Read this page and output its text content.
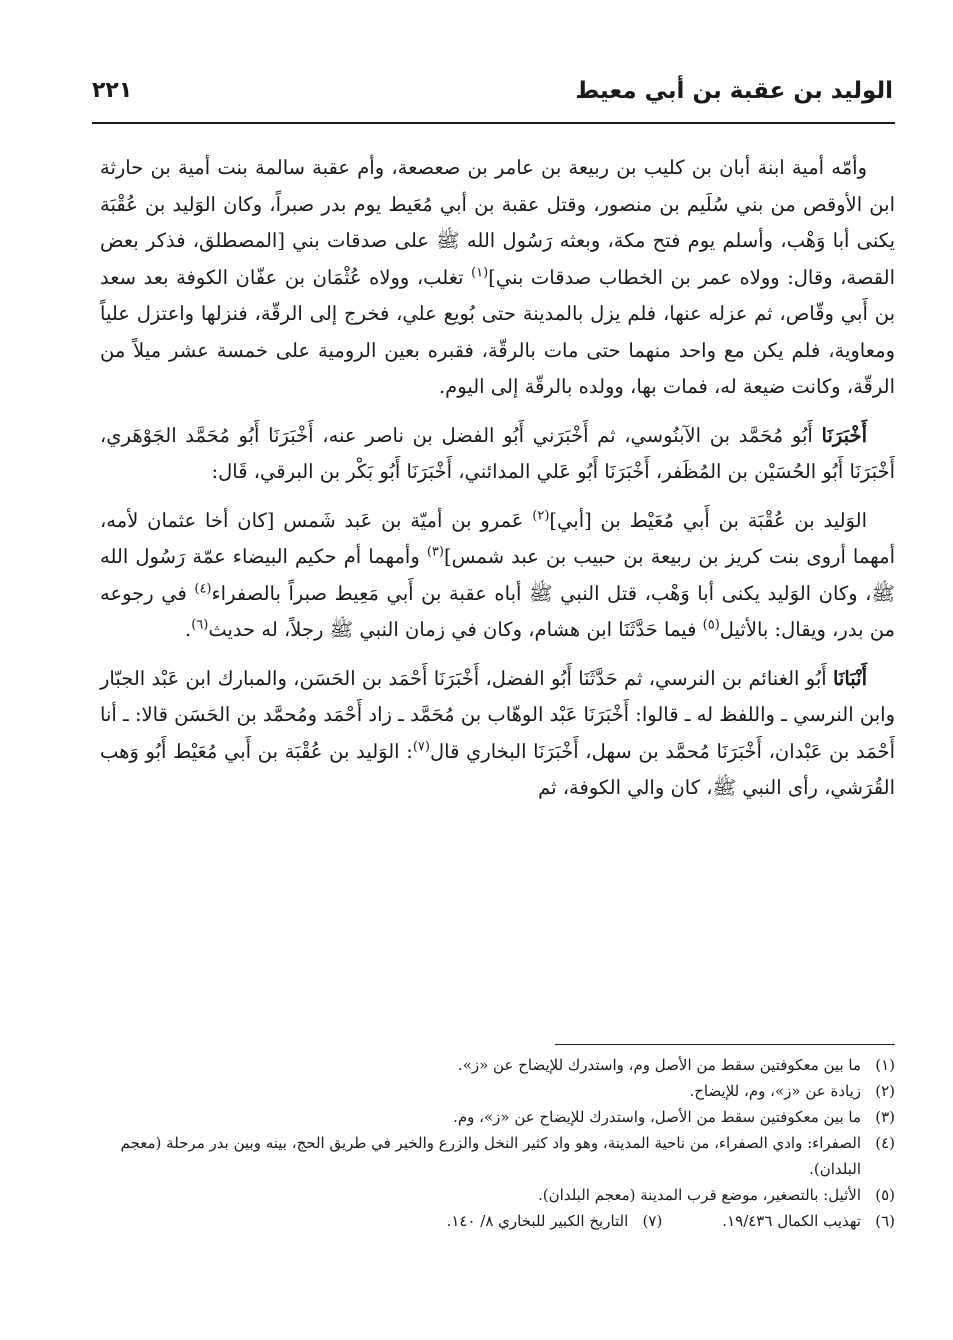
الوليد بن عقبة بن أبي معيط
٢٢١

وأمّه أمية ابنة أبان بن كليب بن ربيعة بن عامر بن صعصعة، وأم عقبة سالمة بنت أمية بن حارثة ابن الأوقص من بني سُلَيم بن منصور، وقتل عقبة بن أبي مُعَيط يوم بدر صبراً، وكان الوَليد بن عُقْبَة يكنى أبا وَهْب، وأسلم يوم فتح مكة، وبعثه رَسُول الله ﷺ على صدقات بني [المصطلق، فذكر بعض القصة، وقال: وولاه عمر بن الخطاب صدقات بني]$^{(١)}$ تغلب، وولاه عُثْمَان بن عفّان الكوفة بعد سعد بن أَبي وقّاص، ثم عزله عنها، فلم يزل بالمدينة حتى بُويع علي، فخرج إلى الرقّة، فنزلها واعتزل علياً ومعاوية، فلم يكن مع واحد منهما حتى مات بالرقّة، فقبره بعين الرومية على خمسة عشر ميلاً من الرقّة، وكانت ضيعة له، فمات بها، وولده بالرقّة إلى اليوم.

أَخْبَرَنَا أَبُو مُحَمَّد بن الآبنُوسي، ثم أَخْبَرَني أَبُو الفضل بن ناصر عنه، أَخْبَرَنَا أَبُو مُحَمَّد الجَوْهَري، أَخْبَرَنَا أَبُو الحُسَيْن بن المُظَفر، أَخْبَرَنَا أَبُو عَلي المدائني، أَخْبَرَنَا أَبُو بَكْر بن البرقي، قَال:

الوَليد بن عُقْبَة بن أَبي مُعَيْط بن [أبي]$^{(٢)}$ عَمرو بن أميّة بن عَبد شَمس [كان أخا عثمان لأمه، أمهما أروى بنت كريز بن ربيعة بن حبيب بن عبد شمس]$^{(٣)}$ وأمهما أم حكيم البيضاء عمّة رَسُول الله ﷺ، وكان الوَليد يكنى أبا وَهْب، قتل النبي ﷺ أباه عقبة بن أَبي مَعِيط صبراً بالصفراء$^{(٤)}$ في رجوعه من بدر، ويقال: بالأثيل$^{(٥)}$ فيما حَدَّثَنَا ابن هشام، وكان في زمان النبي ﷺ رجلاً، له حديث$^{(٦)}$.

أَنْبَانَا أَبُو الغنائم بن النرسي، ثم حَدَّثَنَا أَبُو الفضل، أَخْبَرَنَا أَحْمَد بن الحَسَن، والمبارك ابن عَبْد الجبّار وابن النرسي ـ واللفظ له ـ قالوا: أَخْبَرَنَا عَبْد الوهّاب بن مُحَمَّد ـ زاد أَحْمَد ومُحمَّد بن الحَسَن قالا: ـ أنا أَحْمَد بن عَبْدان، أَخْبَرَنَا مُحمَّد بن سهل، أَخْبَرَنَا البخاري قال$^{(٧)}$: الوَليد بن عُقْبَة بن أَبي مُعَيْط أَبُو وَهب القُرَشي، رأى النبي ﷺ، كان والي الكوفة، ثم

(١)
ما بين معكوفتين سقط من الأصل وم، واستدرك للإيضاح عن «ز».
(٢)
زيادة عن «ز»، وم، للإيضاح.
(٣)
ما بين معكوفتين سقط من الأصل، واستدرك للإيضاح عن «ز»، وم.
(٤)
الصفراء: وادي الصفراء، من ناحية المدينة، وهو واد كثير النخل والزرع والخير في طريق الحج، بينه وبين بدر مرحلة (معجم البلدان).
(٥)
الأثيل: بالتصغير، موضع قرب المدينة (معجم البلدان).
(٦)
تهذيب الكمال ١٩/٤٣٦.
(٧)
التاريخ الكبير للبخاري ٨/ ١٤٠.
